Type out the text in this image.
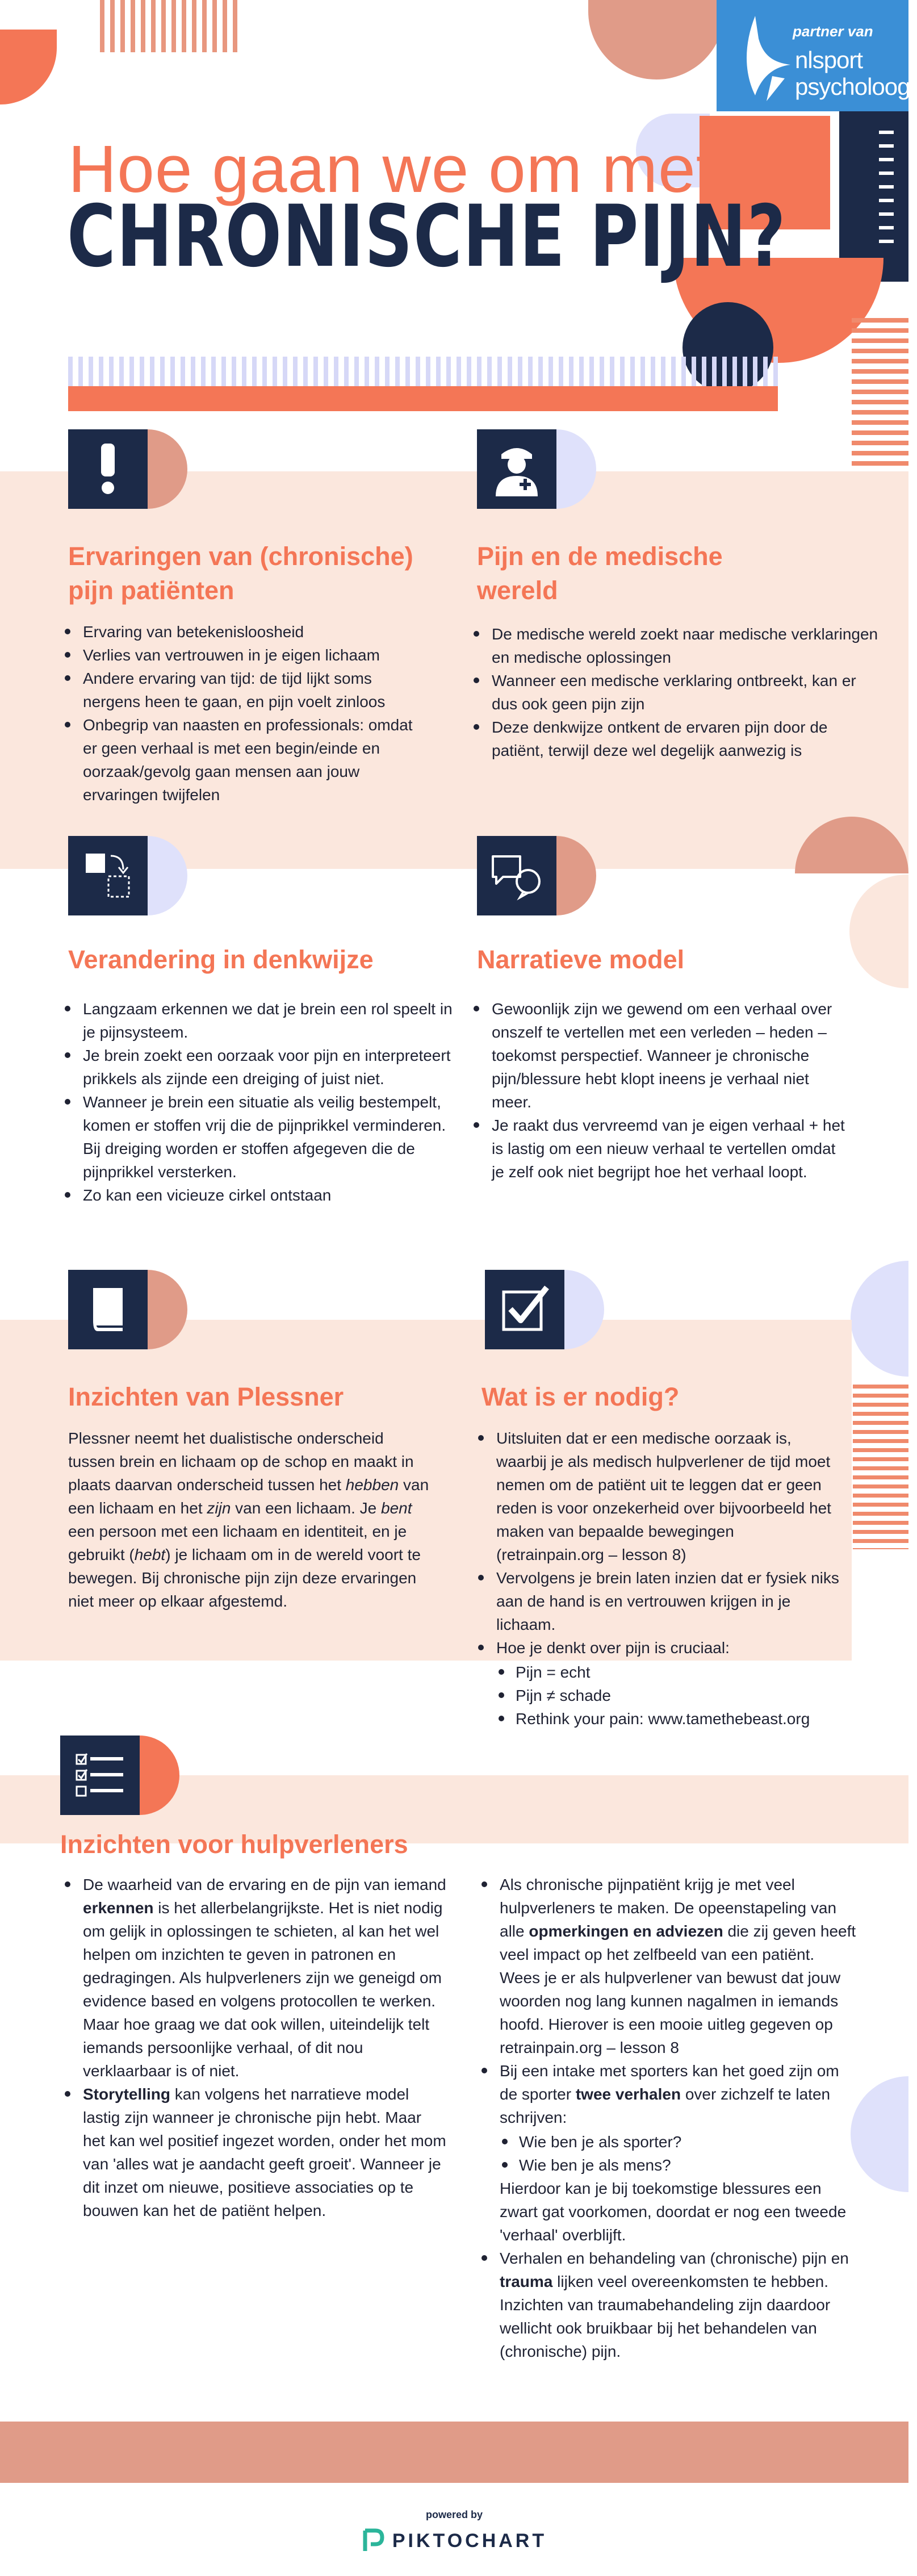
partner van
nlsport
psycholoog®
Hoe gaan we om met
CHRONISCHE PIJN?
Ervaringen van (chronische) pijn patiënten
Pijn en de medische wereld
Ervaring van betekenisloosheid
Verlies van vertrouwen in je eigen lichaam
Andere ervaring van tijd: de tijd lijkt soms nergens heen te gaan, en pijn voelt zinloos
Onbegrip van naasten en professionals: omdat er geen verhaal is met een begin/einde en oorzaak/gevolg gaan mensen aan jouw ervaringen twijfelen
De medische wereld zoekt naar medische verklaringen en medische oplossingen
Wanneer een medische verklaring ontbreekt, kan er dus ook geen pijn zijn
Deze denkwijze ontkent de ervaren pijn door de patiënt, terwijl deze wel degelijk aanwezig is
Verandering in denkwijze	Narratieve model
Langzaam erkennen we dat je brein een rol speelt in je pijnsysteem.
Je brein zoekt een oorzaak voor pijn en interpreteert prikkels als zijnde een dreiging of juist niet.
Wanneer je brein een situatie als veilig bestempelt, komen er stoffen vrij die de pijnprikkel verminderen. Bij dreiging worden er stoffen afgegeven die de pijnprikkel versterken.
Zo kan een vicieuze cirkel ontstaan
Gewoonlijk zijn we gewend om een verhaal over onszelf te vertellen met een verleden – heden – toekomst perspectief. Wanneer je chronische pijn/blessure hebt klopt ineens je verhaal niet meer.
Je raakt dus vervreemd van je eigen verhaal + het is lastig om een nieuw verhaal te vertellen omdat je zelf ook niet begrijpt hoe het verhaal loopt.
Inzichten van Plessner	Wat is er nodig?

Plessner neemt het dualistische onderscheid tussen brein en lichaam op de schop en maakt in plaats daarvan onderscheid tussen het hebben van een lichaam en het zijn van een lichaam. Je bent een persoon met een lichaam en identiteit, en je gebruikt (hebt) je lichaam om in de wereld voort te bewegen. Bij chronische pijn zijn deze ervaringen niet meer op elkaar afgestemd.

Uitsluiten dat er een medische oorzaak is, waarbij je als medisch hulpverlener de tijd moet nemen om de patiënt uit te leggen dat er geen reden is voor onzekerheid over bijvoorbeeld het maken van bepaalde bewegingen (retrainpain.org – lesson 8)
Vervolgens je brein laten inzien dat er fysiek niks aan de hand is en vertrouwen krijgen in je lichaam.
Hoe je denkt over pijn is cruciaal:
Pijn = echt
Pijn ≠ schade
Rethink your pain: www.tamethebeast.org
Inzichten voor hulpverleners
De waarheid van de ervaring en de pijn van iemand erkennen is het allerbelangrijkste. Het is niet nodig om gelijk in oplossingen te schieten, al kan het wel helpen om inzichten te geven in patronen en gedragingen. Als hulpverleners zijn we geneigd om evidence based en volgens protocollen te werken. Maar hoe graag we dat ook willen, uiteindelijk telt iemands persoonlijke verhaal, of dit nou verklaarbaar is of niet.
Storytelling kan volgens het narratieve model lastig zijn wanneer je chronische pijn hebt. Maar het kan wel positief ingezet worden, onder het mom van 'alles wat je aandacht geeft groeit'. Wanneer je dit inzet om nieuwe, positieve associaties op te bouwen kan het de patiënt helpen.
Als chronische pijnpatiënt krijg je met veel hulpverleners te maken. De opeenstapeling van alle opmerkingen en adviezen die zij geven heeft veel impact op het zelfbeeld van een patiënt. Wees je er als hulpverlener van bewust dat jouw woorden nog lang kunnen nagalmen in iemands hoofd. Hierover is een mooie uitleg gegeven op retrainpain.org – lesson 8
Bij een intake met sporters kan het goed zijn om de sporter twee verhalen over zichzelf te laten schrijven:
Wie ben je als sporter?
Wie ben je als mens?
Hierdoor kan je bij toekomstige blessures een zwart gat voorkomen, doordat er nog een tweede 'verhaal' overblijft.
Verhalen en behandeling van (chronische) pijn en trauma lijken veel overeenkomsten te hebben. Inzichten van traumabehandeling zijn daardoor wellicht ook bruikbaar bij het behandelen van (chronische) pijn.
powered by
PIKTOCHART
